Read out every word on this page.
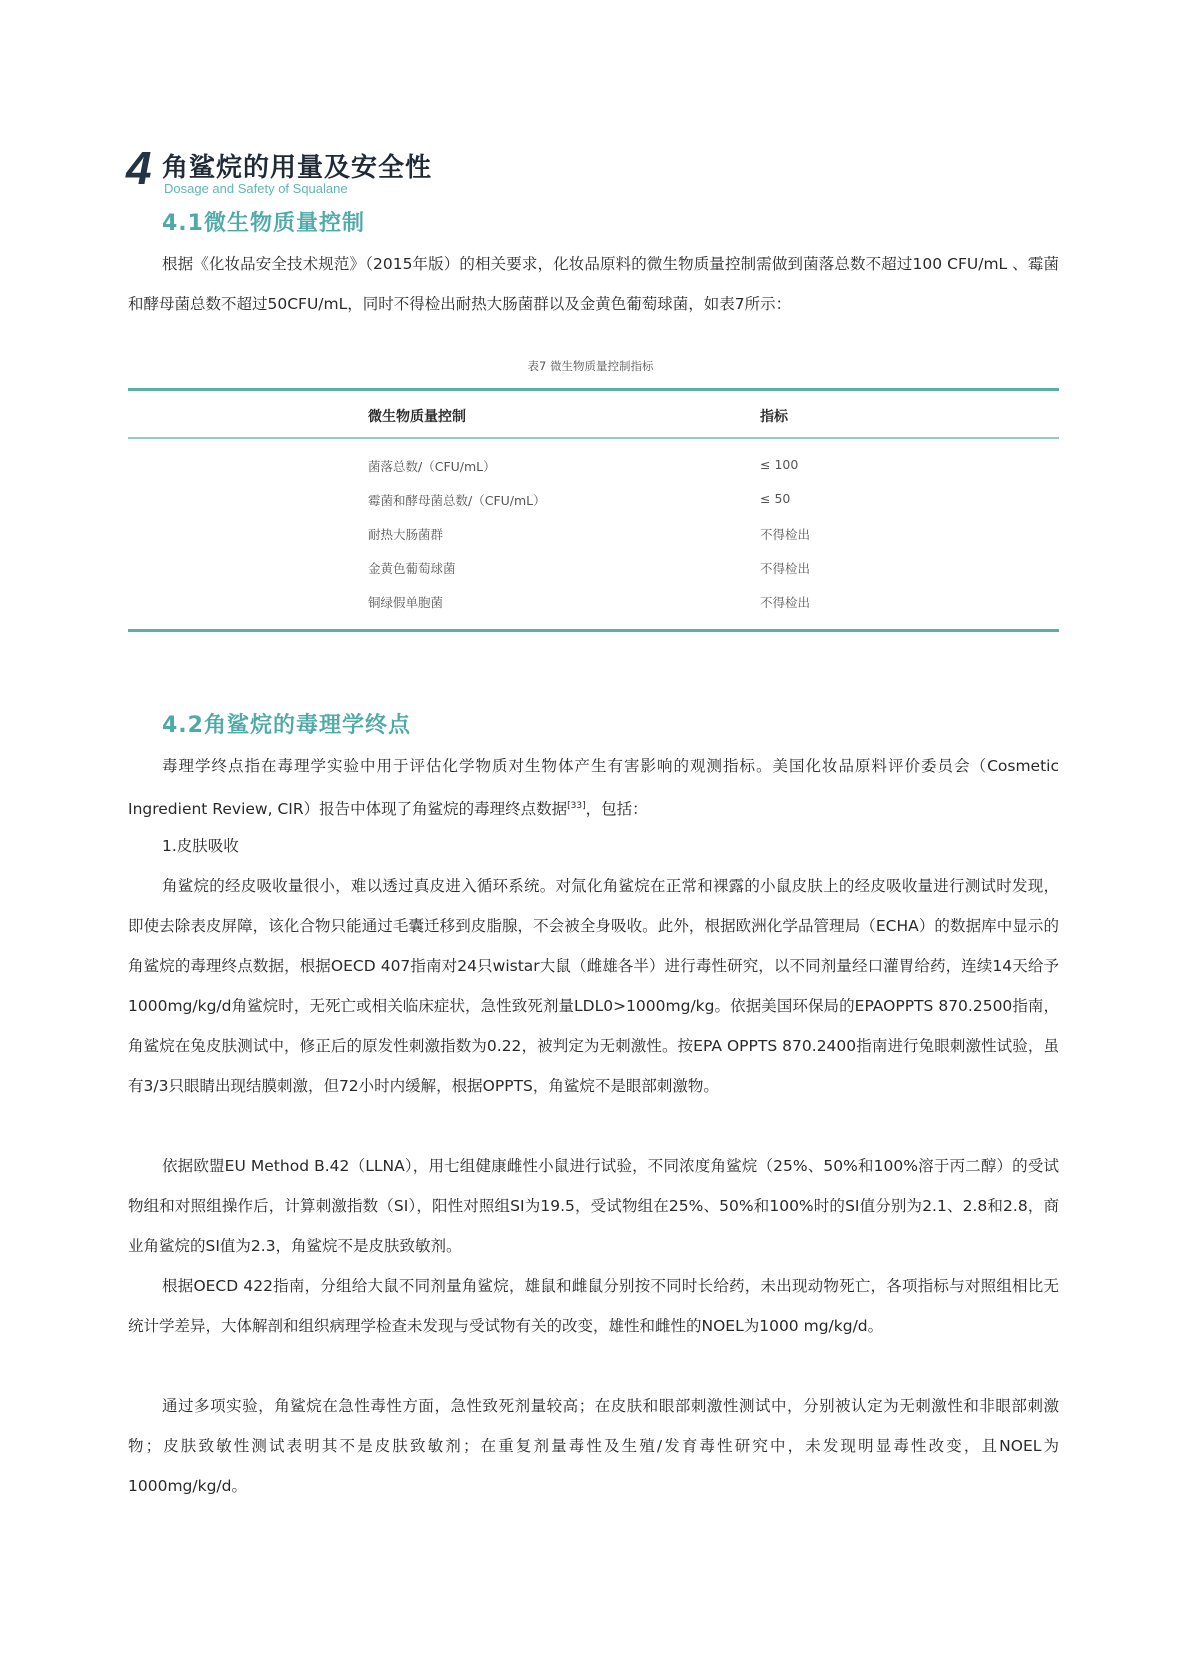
4 角鲨烷的用量及安全性
Dosage and Safety of Squalane
4.1微生物质量控制
根据《化妆品安全技术规范》（2015年版）的相关要求，化妆品原料的微生物质量控制需做到菌落总数不超过100 CFU/mL 、霉菌和酵母菌总数不超过50CFU/mL，同时不得检出耐热大肠菌群以及金黄色葡萄球菌，如表7所示：
表7 微生物质量控制指标
微生物质量控制	指标
菌落总数/（CFU/mL）	≤ 100
霉菌和酵母菌总数/（CFU/mL）	≤ 50
耐热大肠菌群	不得检出
金黄色葡萄球菌	不得检出
铜绿假单胞菌	不得检出
4.2角鲨烷的毒理学终点
毒理学终点指在毒理学实验中用于评估化学物质对生物体产生有害影响的观测指标。美国化妆品原料评价委员会（Cosmetic Ingredient Review, CIR）报告中体现了角鲨烷的毒理终点数据[33]，包括：
1.皮肤吸收
角鲨烷的经皮吸收量很小，难以透过真皮进入循环系统。对氚化角鲨烷在正常和裸露的小鼠皮肤上的经皮吸收量进行测试时发现，即使去除表皮屏障，该化合物只能通过毛囊迁移到皮脂腺，不会被全身吸收。此外，根据欧洲化学品管理局（ECHA）的数据库中显示的角鲨烷的毒理终点数据，根据OECD 407指南对24只wistar大鼠（雌雄各半）进行毒性研究，以不同剂量经口灌胃给药，连续14天给予1000mg/kg/d角鲨烷时，无死亡或相关临床症状，急性致死剂量LDL0>1000mg/kg。依据美国环保局的EPAOPPTS 870.2500指南，角鲨烷在兔皮肤测试中，修正后的原发性刺激指数为0.22，被判定为无刺激性。按EPA OPPTS 870.2400指南进行兔眼刺激性试验，虽有3/3只眼睛出现结膜刺激，但72小时内缓解，根据OPPTS，角鲨烷不是眼部刺激物。
依据欧盟EU Method B.42（LLNA），用七组健康雌性小鼠进行试验，不同浓度角鲨烷（25%、50%和100%溶于丙二醇）的受试物组和对照组操作后，计算刺激指数（SI），阳性对照组SI为19.5，受试物组在25%、50%和100%时的SI值分别为2.1、2.8和2.8，商业角鲨烷的SI值为2.3，角鲨烷不是皮肤致敏剂。
根据OECD 422指南，分组给大鼠不同剂量角鲨烷，雄鼠和雌鼠分别按不同时长给药，未出现动物死亡，各项指标与对照组相比无统计学差异，大体解剖和组织病理学检查未发现与受试物有关的改变，雄性和雌性的NOEL为1000 mg/kg/d。
通过多项实验，角鲨烷在急性毒性方面，急性致死剂量较高；在皮肤和眼部刺激性测试中，分别被认定为无刺激性和非眼部刺激物；皮肤致敏性测试表明其不是皮肤致敏剂；在重复剂量毒性及生殖/发育毒性研究中，未发现明显毒性改变，且NOEL为1000mg/kg/d。
